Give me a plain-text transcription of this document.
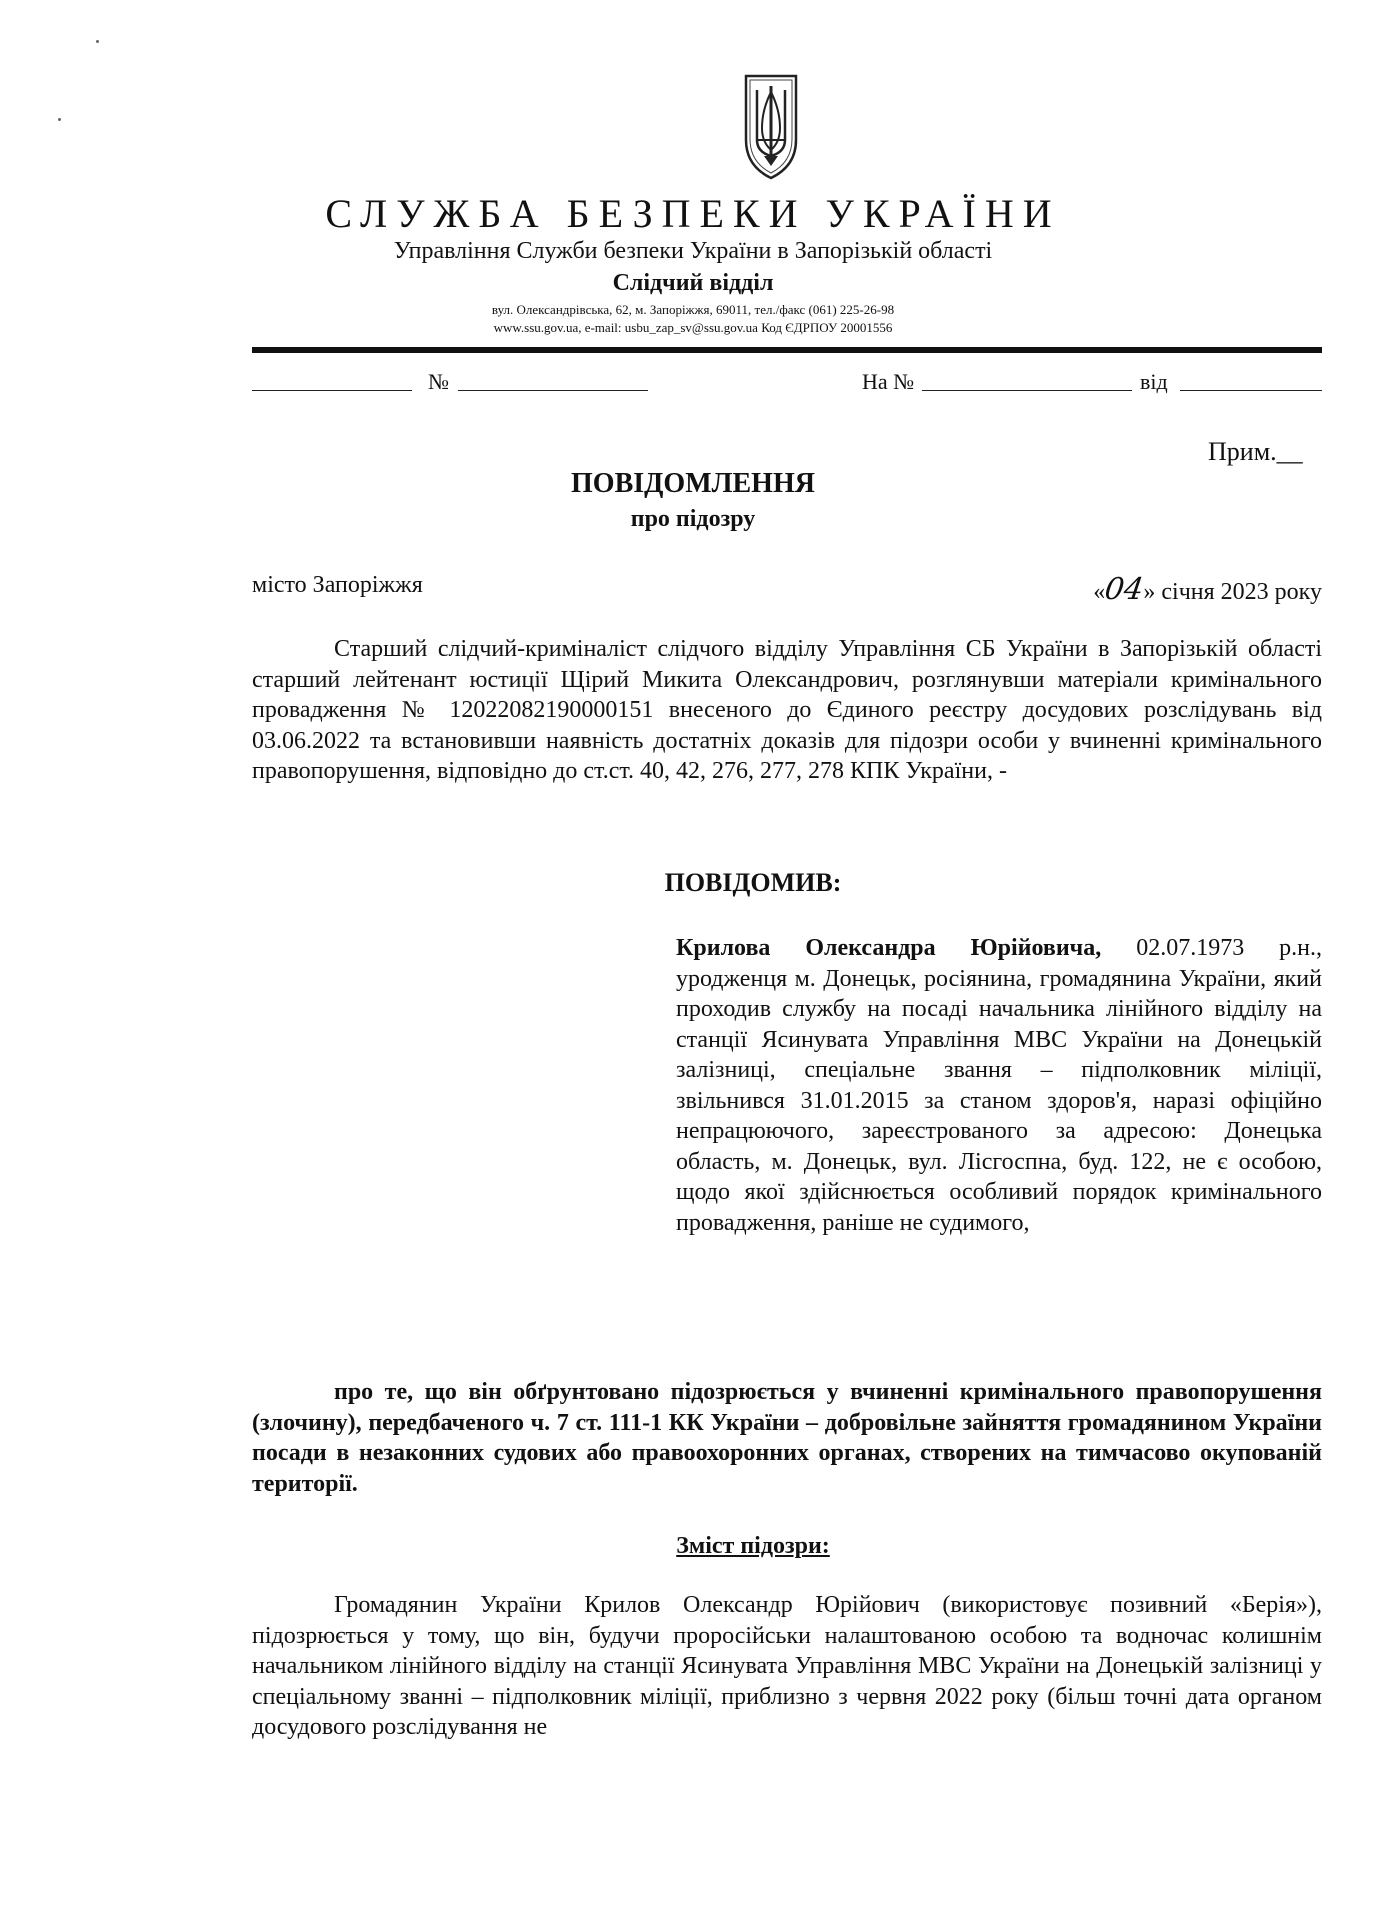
СЛУЖБА БЕЗПЕКИ УКРАЇНИ
Управління Служби безпеки України в Запорізькій області
Слідчий відділ
вул. Олександрівська, 62, м. Запоріжжя, 69011, тел./факс (061) 225-26-98
www.ssu.gov.ua, e-mail: usbu_zap_sv@ssu.gov.ua Код ЄДРПОУ 20001556
№	На №	від
Прим.__
ПОВІДОМЛЕННЯ
про підозру
місто Запоріжжя	«04» січня 2023 року

Старший слідчий-криміналіст слідчого відділу Управління СБ України в Запорізькій області старший лейтенант юстиції Щірий Микита Олександрович, розглянувши матеріали кримінального провадження № 12022082190000151 внесеного до Єдиного реєстру досудових розслідувань від 03.06.2022 та встановивши наявність достатніх доказів для підозри особи у вчиненні кримінального правопорушення, відповідно до ст.ст. 40, 42, 276, 277, 278 КПК України, -

ПОВІДОМИВ:

Крилова Олександра Юрійовича, 02.07.1973 р.н., уродженця м. Донецьк, росіянина, громадянина України, який проходив службу на посаді начальника лінійного відділу на станції Ясинувата Управління МВС України на Донецькій залізниці, спеціальне звання – підполковник міліції, звільнився 31.01.2015 за станом здоров'я, наразі офіційно непрацюючого, зареєстрованого за адресою: Донецька область, м. Донецьк, вул. Лісгоспна, буд. 122, не є особою, щодо якої здійснюється особливий порядок кримінального провадження, раніше не судимого,

про те, що він обґрунтовано підозрюється у вчиненні кримінального правопорушення (злочину), передбаченого ч. 7 ст. 111-1 КК України – добровільне зайняття громадянином України посади в незаконних судових або правоохоронних органах, створених на тимчасово окупованій території.

Зміст підозри:

Громадянин України Крилов Олександр Юрійович (використовує позивний «Берія»), підозрюється у тому, що він, будучи проросійськи налаштованою особою та водночас колишнім начальником лінійного відділу на станції Ясинувата Управління МВС України на Донецькій залізниці у спеціальному званні – підполковник міліції, приблизно з червня 2022 року (більш точні дата органом досудового розслідування не
